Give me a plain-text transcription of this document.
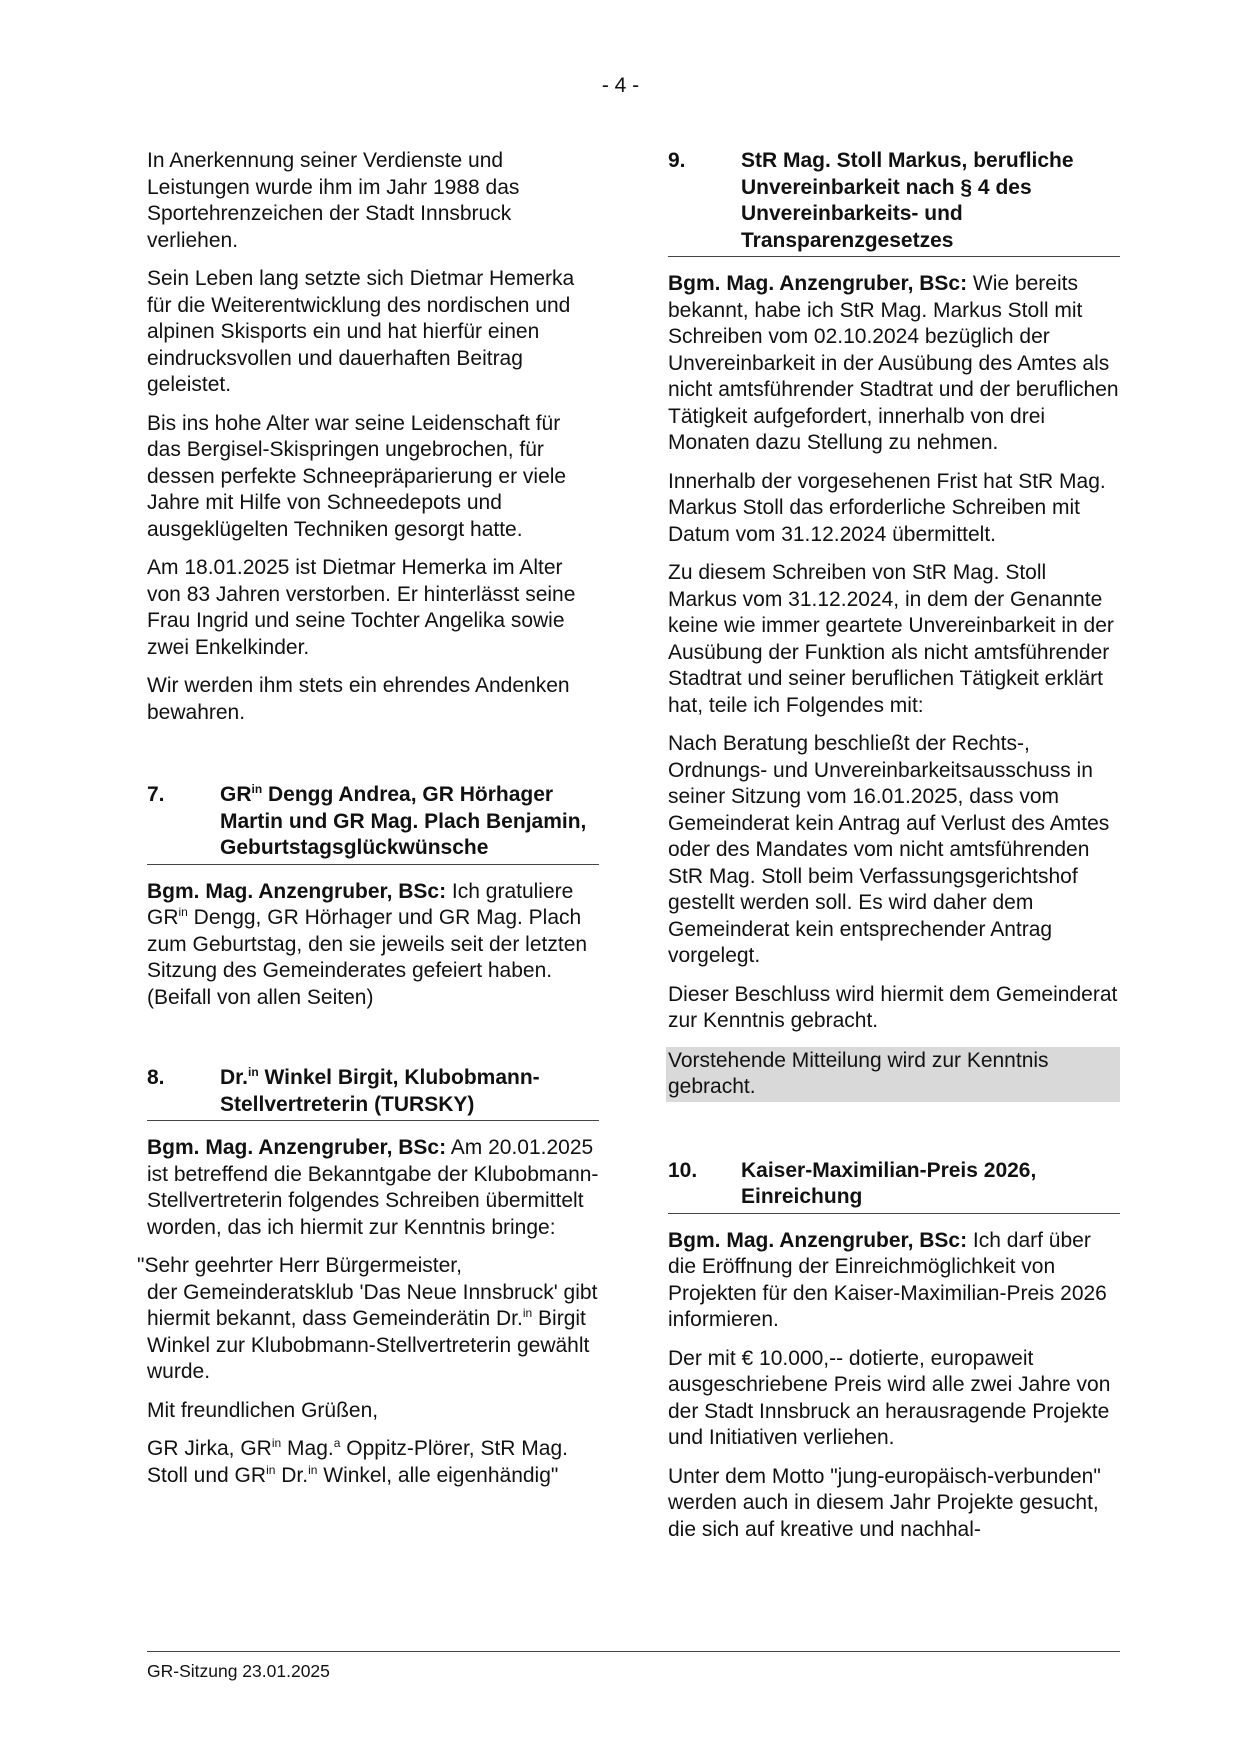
- 4 -

In Anerkennung seiner Verdienste und Leistungen wurde ihm im Jahr 1988 das Sportehrenzeichen der Stadt Innsbruck verliehen.

Sein Leben lang setzte sich Dietmar Hemerka für die Weiterentwicklung des nordischen und alpinen Skisports ein und hat hierfür einen eindrucksvollen und dauerhaften Beitrag geleistet.

Bis ins hohe Alter war seine Leidenschaft für das Bergisel-Skispringen ungebrochen, für dessen perfekte Schneepräparierung er viele Jahre mit Hilfe von Schneedepots und ausgeklügelten Techniken gesorgt hatte.

Am 18.01.2025 ist Dietmar Hemerka im Alter von 83 Jahren verstorben. Er hinterlässt seine Frau Ingrid und seine Tochter Angelika sowie zwei Enkelkinder.

Wir werden ihm stets ein ehrendes Andenken bewahren.

7.	$GR^{in}$ Dengg Andrea, GR Hörhager Martin und GR Mag. Plach Benjamin, Geburtstagsglückwünsche

Bgm. Mag. Anzengruber, BSc: Ich gratuliere $GR^{in}$ Dengg, GR Hörhager und GR Mag. Plach zum Geburtstag, den sie jeweils seit der letzten Sitzung des Gemeinderates gefeiert haben. (Beifall von allen Seiten)

8.	Dr.$^{in}$ Winkel Birgit, Klubobmann-Stellvertreterin (TURSKY)

Bgm. Mag. Anzengruber, BSc: Am 20.01.2025 ist betreffend die Bekanntgabe der Klubobmann-Stellvertreterin folgendes Schreiben übermittelt worden, das ich hiermit zur Kenntnis bringe:

"Sehr geehrter Herr Bürgermeister,
der Gemeinderatsklub 'Das Neue Innsbruck' gibt hiermit bekannt, dass Gemeinderätin Dr.$^{in}$ Birgit Winkel zur Klubobmann-Stellvertreterin gewählt wurde.

Mit freundlichen Grüßen,

GR Jirka, $GR^{in}$ Mag.$^a$ Oppitz-Plörer, StR Mag. Stoll und $GR^{in}$ Dr.$^{in}$ Winkel, alle eigenhändig"

9.	StR Mag. Stoll Markus, berufliche Unvereinbarkeit nach § 4 des Unvereinbarkeits- und Transparenzgesetzes

Bgm. Mag. Anzengruber, BSc: Wie bereits bekannt, habe ich StR Mag. Markus Stoll mit Schreiben vom 02.10.2024 bezüglich der Unvereinbarkeit in der Ausübung des Amtes als nicht amtsführender Stadtrat und der beruflichen Tätigkeit aufgefordert, innerhalb von drei Monaten dazu Stellung zu nehmen.

Innerhalb der vorgesehenen Frist hat StR Mag. Markus Stoll das erforderliche Schreiben mit Datum vom 31.12.2024 übermittelt.

Zu diesem Schreiben von StR Mag. Stoll Markus vom 31.12.2024, in dem der Genannte keine wie immer geartete Unvereinbarkeit in der Ausübung der Funktion als nicht amtsführender Stadtrat und seiner beruflichen Tätigkeit erklärt hat, teile ich Folgendes mit:

Nach Beratung beschließt der Rechts-, Ordnungs- und Unvereinbarkeitsausschuss in seiner Sitzung vom 16.01.2025, dass vom Gemeinderat kein Antrag auf Verlust des Amtes oder des Mandates vom nicht amtsführenden StR Mag. Stoll beim Verfassungsgerichtshof gestellt werden soll. Es wird daher dem Gemeinderat kein entsprechender Antrag vorgelegt.

Dieser Beschluss wird hiermit dem Gemeinderat zur Kenntnis gebracht.

Vorstehende Mitteilung wird zur Kenntnis gebracht.

10.	Kaiser-Maximilian-Preis 2026, Einreichung

Bgm. Mag. Anzengruber, BSc: Ich darf über die Eröffnung der Einreichmöglichkeit von Projekten für den Kaiser-Maximilian-Preis 2026 informieren.

Der mit € 10.000,-- dotierte, europaweit ausgeschriebene Preis wird alle zwei Jahre von der Stadt Innsbruck an herausragende Projekte und Initiativen verliehen.

Unter dem Motto "jung-europäisch-verbunden" werden auch in diesem Jahr Projekte gesucht, die sich auf kreative und nachhal-

GR-Sitzung 23.01.2025
